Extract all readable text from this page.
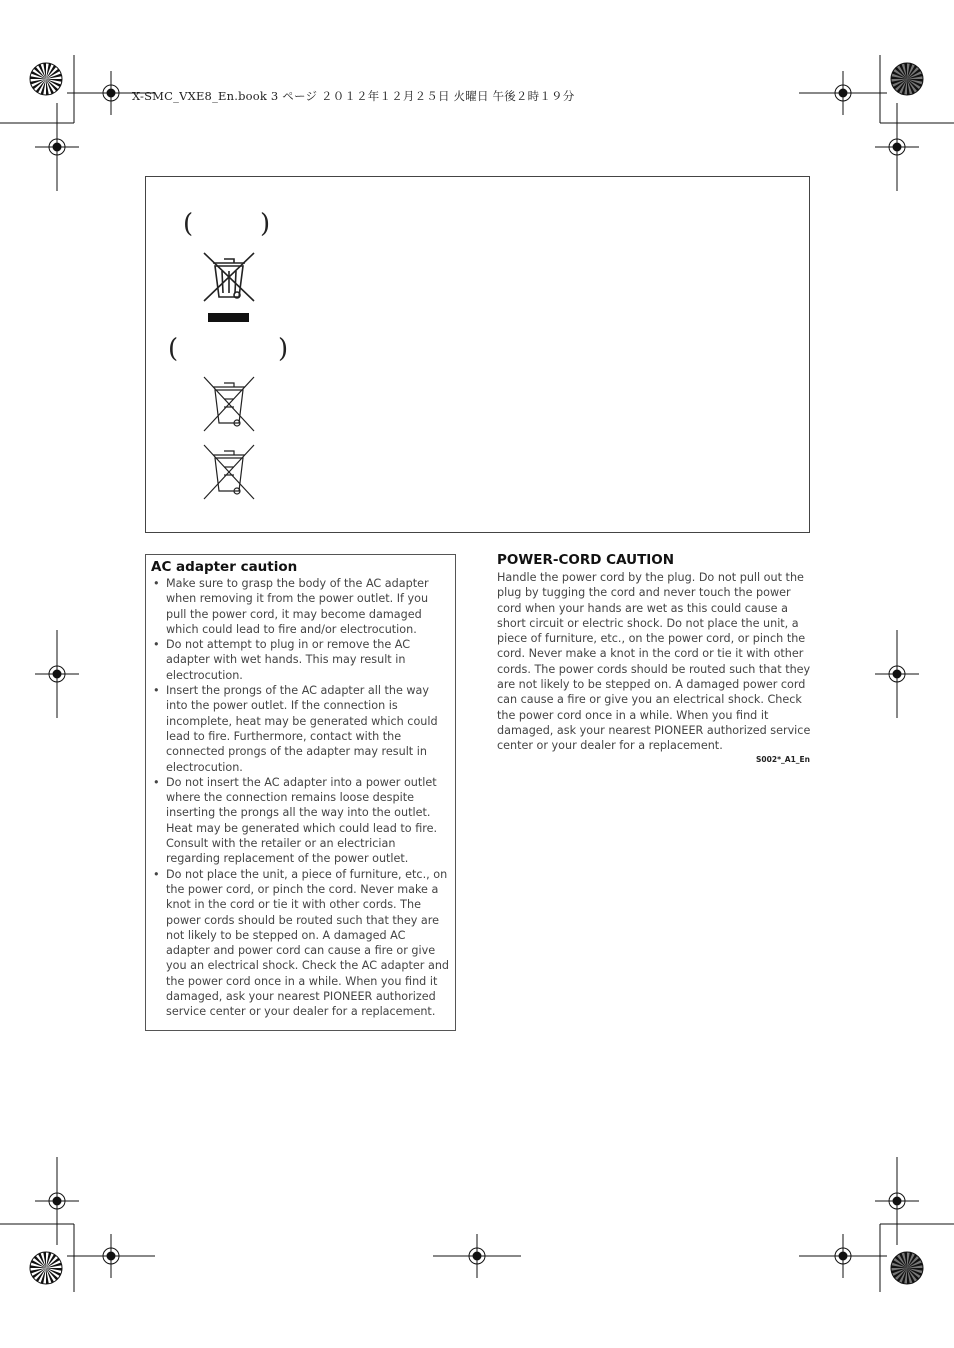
X-SMC_VXE8_En.book 3 ページ ２０１２年１２月２５日 火曜日 午後２時１９分
(	)
(	)
AC adapter caution
• Make sure to grasp the body of the AC adapter when removing it from the power outlet. If you pull the power cord, it may become damaged which could lead to fire and/or electrocution.
• Do not attempt to plug in or remove the AC adapter with wet hands. This may result in electrocution.
• Insert the prongs of the AC adapter all the way into the power outlet. If the connection is incomplete, heat may be generated which could lead to fire. Furthermore, contact with the connected prongs of the adapter may result in electrocution.
• Do not insert the AC adapter into a power outlet where the connection remains loose despite inserting the prongs all the way into the outlet. Heat may be generated which could lead to fire. Consult with the retailer or an electrician regarding replacement of the power outlet.
• Do not place the unit, a piece of furniture, etc., on the power cord, or pinch the cord. Never make a knot in the cord or tie it with other cords. The power cords should be routed such that they are not likely to be stepped on. A damaged AC adapter and power cord can cause a fire or give you an electrical shock. Check the AC adapter and the power cord once in a while. When you find it damaged, ask your nearest PIONEER authorized service center or your dealer for a replacement.
POWER-CORD CAUTION
Handle the power cord by the plug. Do not pull out the plug by tugging the cord and never touch the power cord when your hands are wet as this could cause a short circuit or electric shock. Do not place the unit, a piece of furniture, etc., on the power cord, or pinch the cord. Never make a knot in the cord or tie it with other cords. The power cords should be routed such that they are not likely to be stepped on. A damaged power cord can cause a fire or give you an electrical shock. Check the power cord once in a while. When you find it damaged, ask your nearest PIONEER authorized service center or your dealer for a replacement.
S002*_A1_En
